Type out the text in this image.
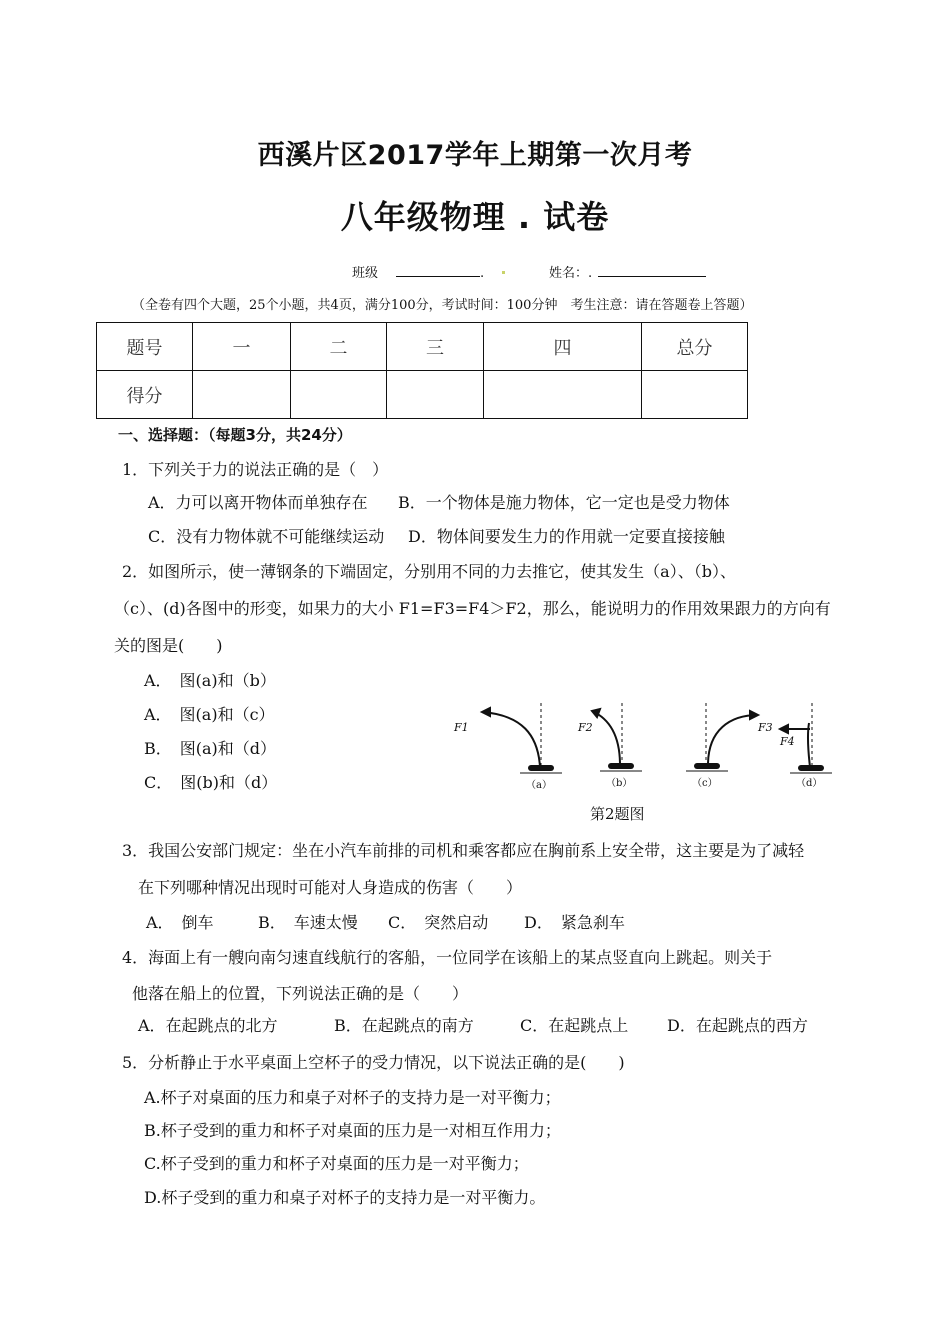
西溪片区2017学年上期第一次月考
八年级物理 . 试卷
班级	.	姓名：.
（全卷有四个大题，25个小题，共4页，满分100分，考试时间：100分钟　考生注意：请在答题卷上答题）
题号	一	二	三	四	总分
得分					
一、选择题：（每题3分，共24分）
1．下列关于力的说法正确的是（　）
A．力可以离开物体而单独存在 B．一个物体是施力物体，它一定也是受力物体
C．没有力物体就不可能继续运动 D．物体间要发生力的作用就一定要直接接触
2．如图所示，使一薄钢条的下端固定，分别用不同的力去推它，使其发生（a）、（b）、
（c）、(d)各图中的形变，如果力的大小 F1=F3=F4＞F2，那么，能说明力的作用效果跟力的方向有
关的图是(　　)
A．　图(a)和（b）
A．　图(a)和（c）
B．　图(a)和（d）
C．　图(b)和（d）
F1	F2	F3
F4
（a）	（b）	（c）	（d）
第2题图
3．我国公安部门规定：坐在小汽车前排的司机和乘客都应在胸前系上安全带，这主要是为了减轻
在下列哪种情况出现时可能对人身造成的伤害（　　）
A．　倒车	B．　车速太慢 C．　突然启动 D．　紧急刹车
4．海面上有一艘向南匀速直线航行的客船，一位同学在该船上的某点竖直向上跳起。则关于
他落在船上的位置，下列说法正确的是（　　）
A．在起跳点的北方	B．在起跳点的南方	C．在起跳点上 D．在起跳点的西方
5．分析静止于水平桌面上空杯子的受力情况，以下说法正确的是(　　)
A.杯子对桌面的压力和桌子对杯子的支持力是一对平衡力；
B.杯子受到的重力和杯子对桌面的压力是一对相互作用力；
C.杯子受到的重力和杯子对桌面的压力是一对平衡力；
D.杯子受到的重力和桌子对杯子的支持力是一对平衡力。
